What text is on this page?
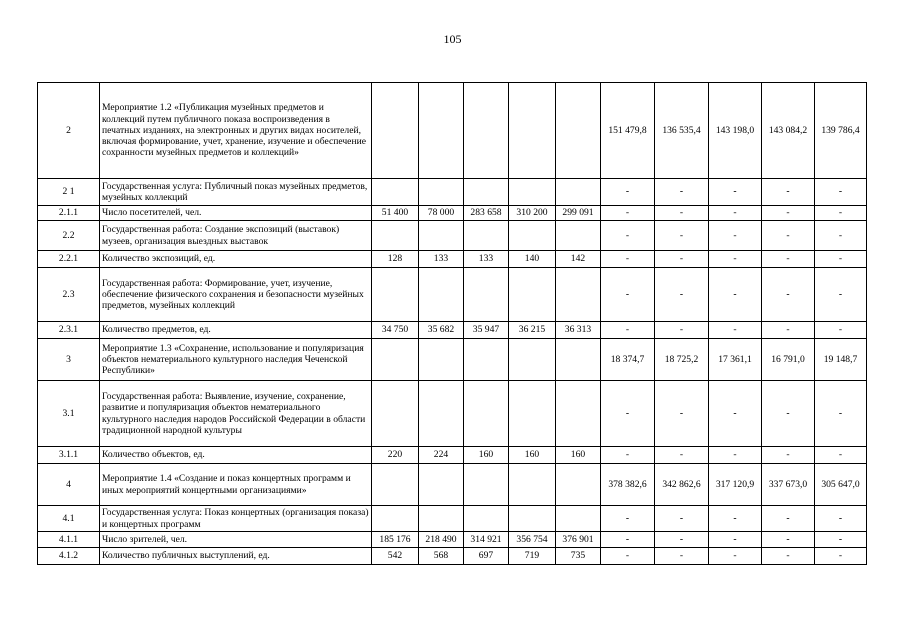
105
2	Мероприятие 1.2 «Публикация музейных предметов и коллекций путем публичного показа воспроизведения в печатных изданиях, на электронных и других видах носителей, включая формирование, учет, хранение, изучение и обеспечение сохранности музейных предметов и коллекций»						151 479,8	136 535,4	143 198,0	143 084,2	139 786,4
2 1	Государственная услуга: Публичный показ музейных предметов, музейных коллекций						-	-	-	-	-
2.1.1	Число посетителей, чел.	51 400	78 000	283 658	310 200	299 091	-	-	-	-	-
2.2	Государственная работа: Создание экспозиций (выставок) музеев, организация выездных выставок						-	-	-	-	-
2.2.1	Количество экспозиций, ед.	128	133	133	140	142	-	-	-	-	-
2.3	Государственная работа: Формирование, учет, изучение, обеспечение физического сохранения и безопасности музейных предметов, музейных коллекций						-	-	-	-	-
2.3.1	Количество предметов, ед.	34 750	35 682	35 947	36 215	36 313	-	-	-	-	-
3	Мероприятие 1.3 «Сохранение, использование и популяризация объектов нематериального культурного наследия Чеченской Республики»						18 374,7	18 725,2	17 361,1	16 791,0	19 148,7
3.1	Государственная работа: Выявление, изучение, сохранение, развитие и популяризация объектов нематериального культурного наследия народов Российской Федерации в области традиционной народной культуры						-	-	-	-	-
3.1.1	Количество объектов, ед.	220	224	160	160	160	-	-	-	-	-
4	Мероприятие 1.4 «Создание и показ концертных программ и иных мероприятий концертными организациями»						378 382,6	342 862,6	317 120,9	337 673,0	305 647,0
4.1	Государственная услуга: Показ концертных (организация показа) и концертных программ						-	-	-	-	-
4.1.1	Число зрителей, чел.	185 176	218 490	314 921	356 754	376 901	-	-	-	-	-
4.1.2	Количество публичных выступлений, ед.	542	568	697	719	735	-	-	-	-	-
